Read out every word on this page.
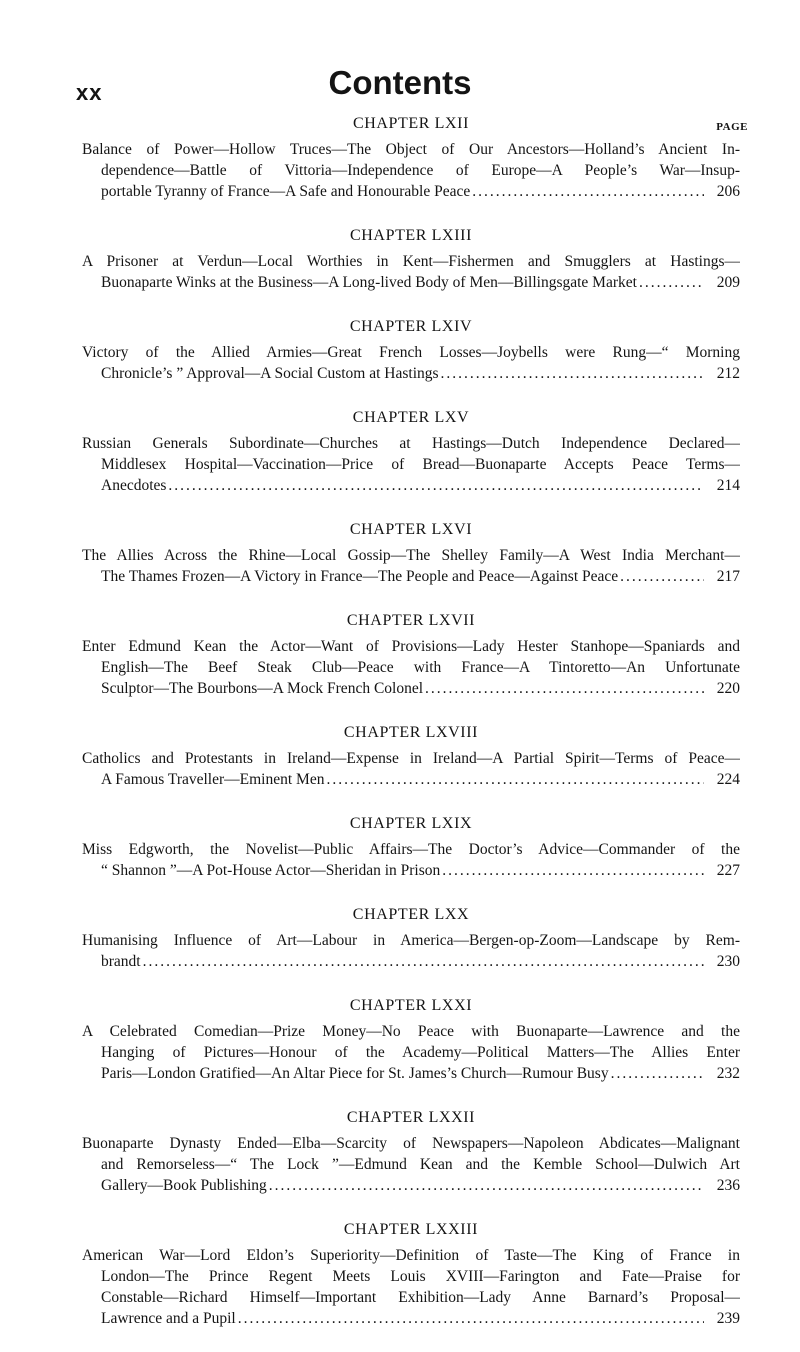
xx	Contents
PAGE
CHAPTER LXII
Balance of Power—Hollow Truces—The Object of Our Ancestors—Holland’s Ancient In-
dependence—Battle of Vittoria—Independence of Europe—A People’s War—Insup-
portable Tyranny of France—A Safe and Honourable Peace .....	206
CHAPTER LXIII
A Prisoner at Verdun—Local Worthies in Kent—Fishermen and Smugglers at Hastings—
Buonaparte Winks at the Business—A Long-lived Body of Men—Billingsgate Market .....	209
CHAPTER LXIV
Victory of the Allied Armies—Great French Losses—Joybells were Rung—“ Morning
Chronicle’s ” Approval—A Social Custom at Hastings .....	212
CHAPTER LXV
Russian Generals Subordinate—Churches at Hastings—Dutch Independence Declared—
Middlesex Hospital—Vaccination—Price of Bread—Buonaparte Accepts Peace Terms—
Anecdotes .....	214
CHAPTER LXVI
The Allies Across the Rhine—Local Gossip—The Shelley Family—A West India Merchant—
The Thames Frozen—A Victory in France—The People and Peace—Against Peace .....	217
CHAPTER LXVII
Enter Edmund Kean the Actor—Want of Provisions—Lady Hester Stanhope—Spaniards and
English—The Beef Steak Club—Peace with France—A Tintoretto—An Unfortunate
Sculptor—The Bourbons—A Mock French Colonel .....	220
CHAPTER LXVIII
Catholics and Protestants in Ireland—Expense in Ireland—A Partial Spirit—Terms of Peace—
A Famous Traveller—Eminent Men .....	224
CHAPTER LXIX
Miss Edgworth, the Novelist—Public Affairs—The Doctor’s Advice—Commander of the
“ Shannon ”—A Pot-House Actor—Sheridan in Prison .....	227
CHAPTER LXX
Humanising Influence of Art—Labour in America—Bergen-op-Zoom—Landscape by Rem-
brandt .....	230
CHAPTER LXXI
A Celebrated Comedian—Prize Money—No Peace with Buonaparte—Lawrence and the
Hanging of Pictures—Honour of the Academy—Political Matters—The Allies Enter
Paris—London Gratified—An Altar Piece for St. James’s Church—Rumour Busy .....	232
CHAPTER LXXII
Buonaparte Dynasty Ended—Elba—Scarcity of Newspapers—Napoleon Abdicates—Malignant
and Remorseless—“ The Lock ”—Edmund Kean and the Kemble School—Dulwich Art
Gallery—Book Publishing .....	236
CHAPTER LXXIII
American War—Lord Eldon’s Superiority—Definition of Taste—The King of France in
London—The Prince Regent Meets Louis XVIII—Farington and Fate—Praise for
Constable—Richard Himself—Important Exhibition—Lady Anne Barnard’s Proposal—
Lawrence and a Pupil .....	239
